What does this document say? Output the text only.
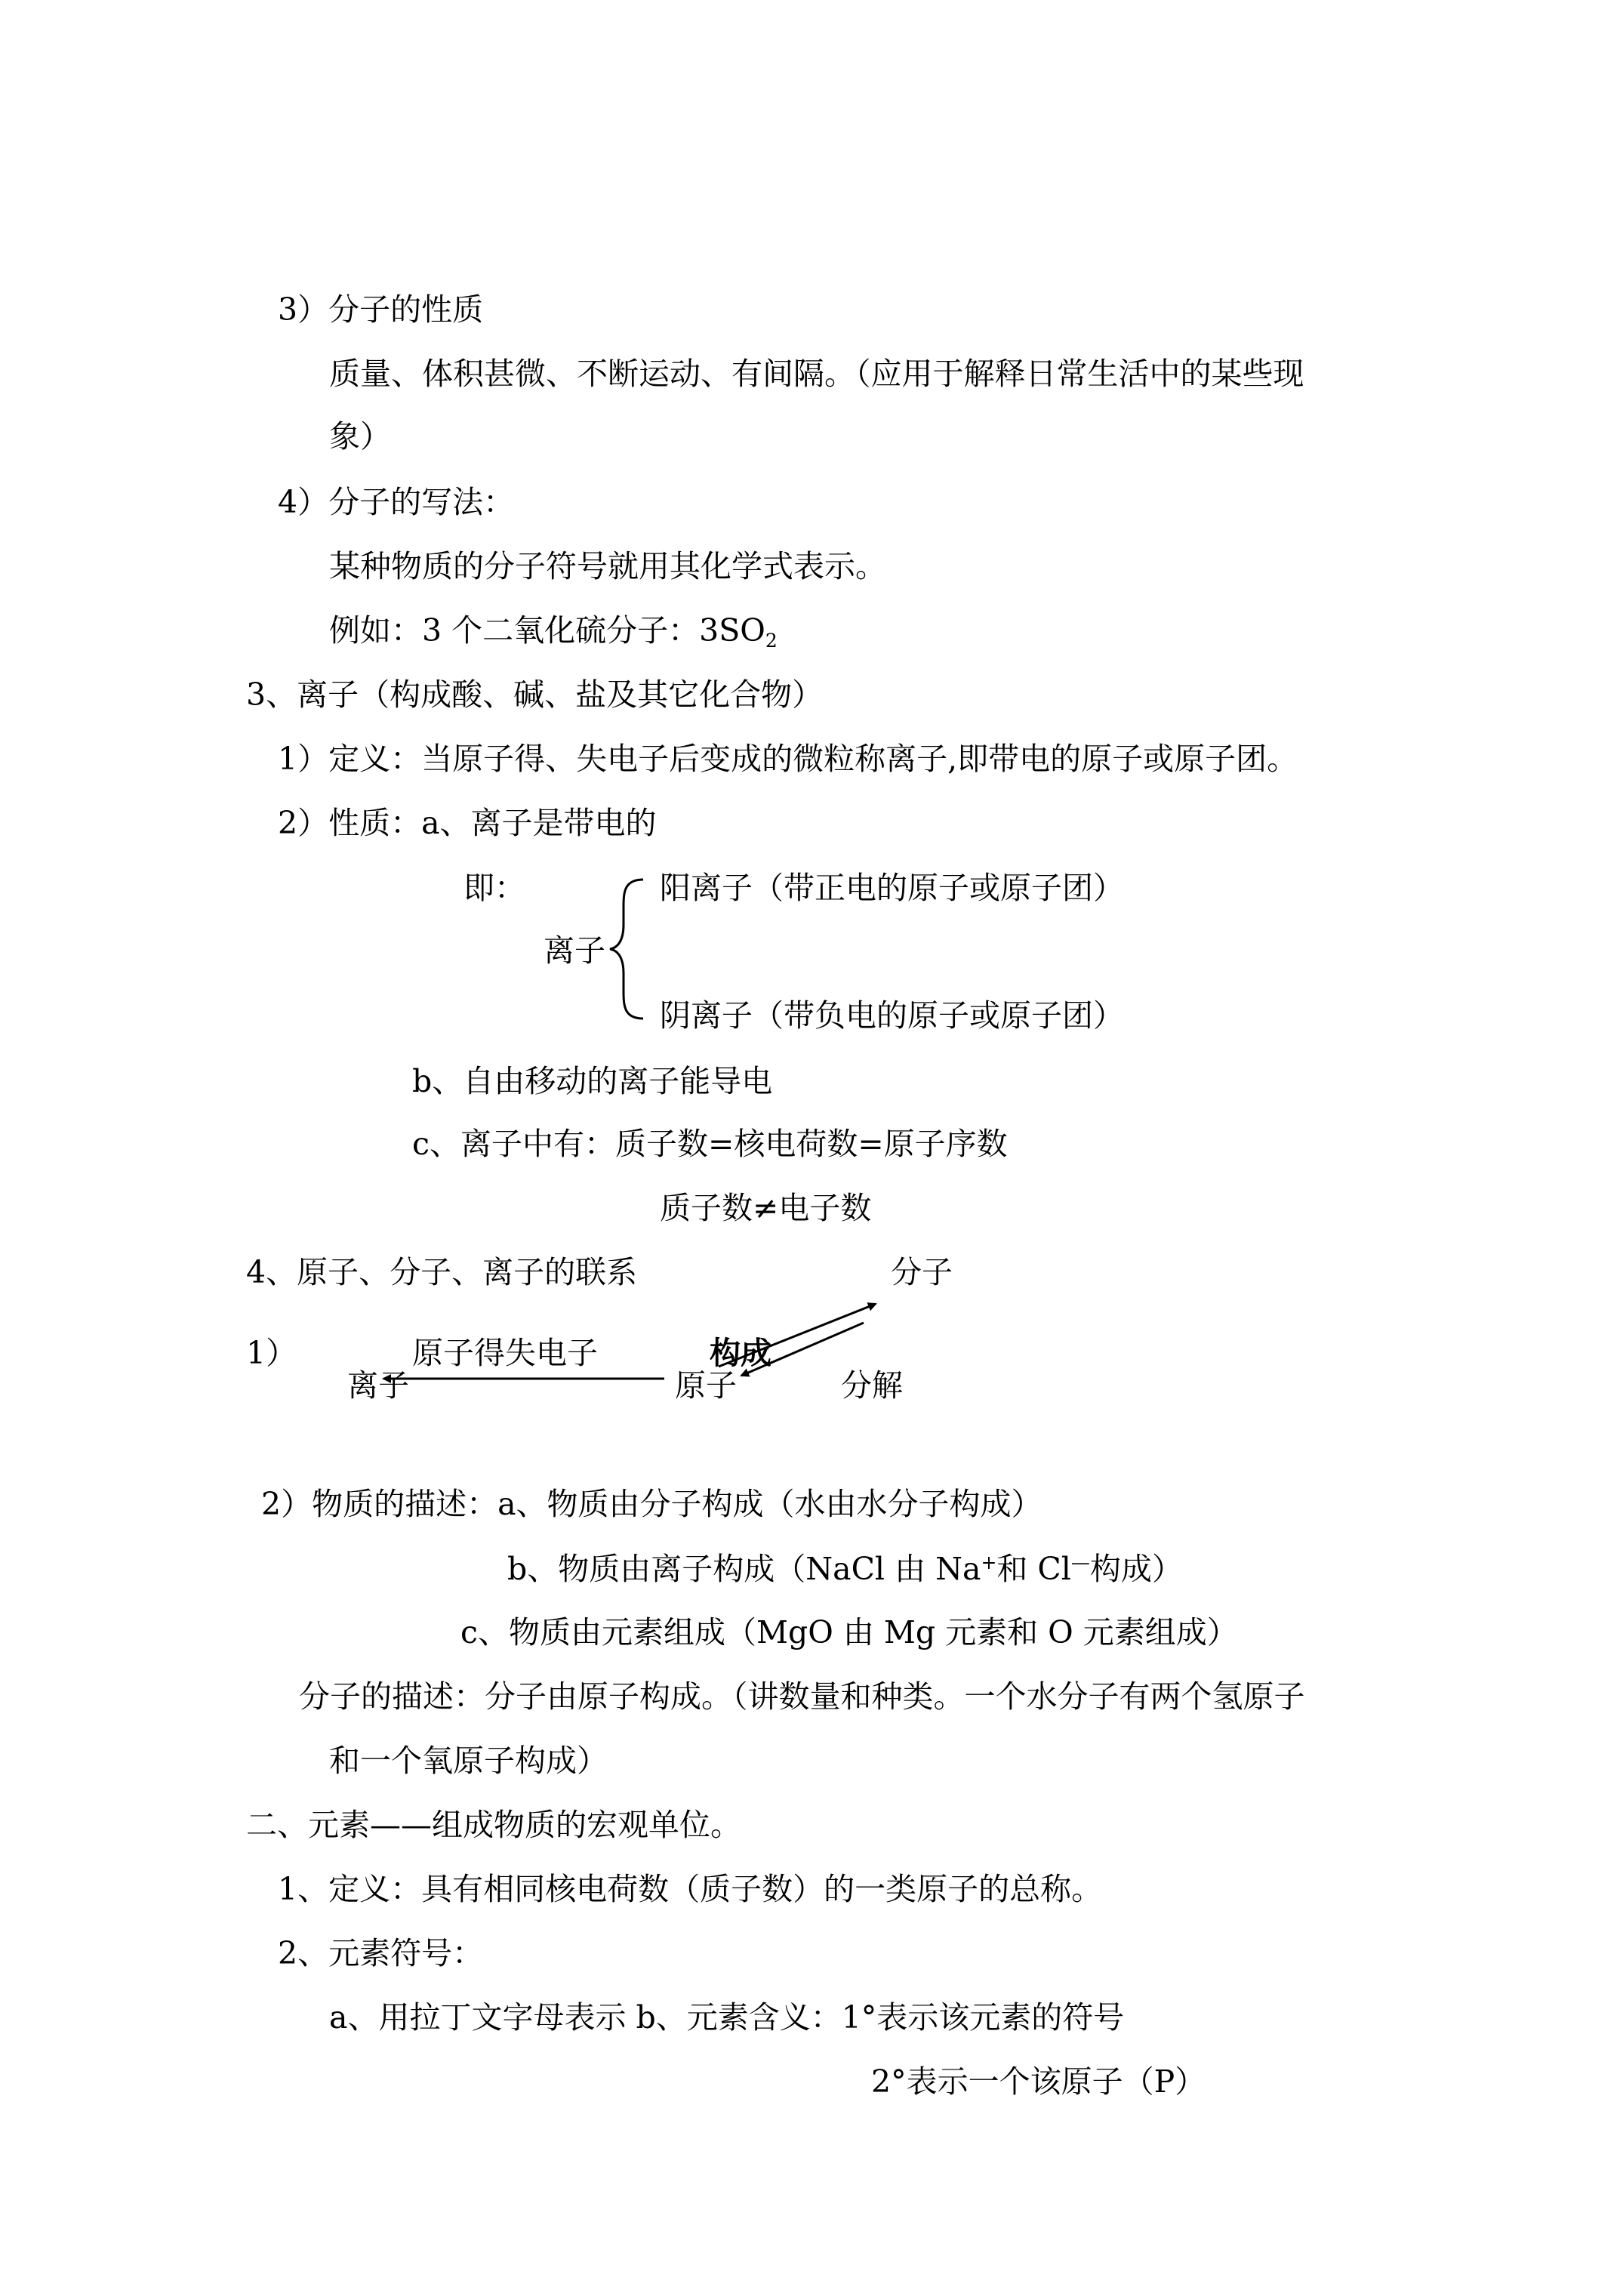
3）分子的性质
质量、体积甚微、不断运动、有间隔。（应用于解释日常生活中的某些现
象）
4）分子的写法：
某种物质的分子符号就用其化学式表示。
例如：3 个二氧化硫分子：$3SO_2$
3、离子（构成酸、碱、盐及其它化合物）
1）定义：当原子得、失电子后变成的微粒称离子,即带电的原子或原子团。
2）性质：a、离子是带电的
即：
离子
阳离子（带正电的原子或原子团）
阴离子（带负电的原子或原子团）
b、自由移动的离子能导电
c、离子中有：质子数=核电荷数=原子序数
质子数≠电子数
4、原子、分子、离子的联系	分子
1）	原子得失电子	构成
离子	原子	分解
2）物质的描述：a、物质由分子构成（水由水分子构成）
b、物质由离子构成（NaCl 由 Na+和 Cl—构成）
c、物质由元素组成（MgO 由 Mg 元素和 O 元素组成）
分子的描述：分子由原子构成。（讲数量和种类。一个水分子有两个氢原子
和一个氧原子构成）
二、元素——组成物质的宏观单位。
1、定义：具有相同核电荷数（质子数）的一类原子的总称。
2、元素符号：
a、用拉丁文字母表示 b、元素含义：1°表示该元素的符号
2°表示一个该原子（P）
